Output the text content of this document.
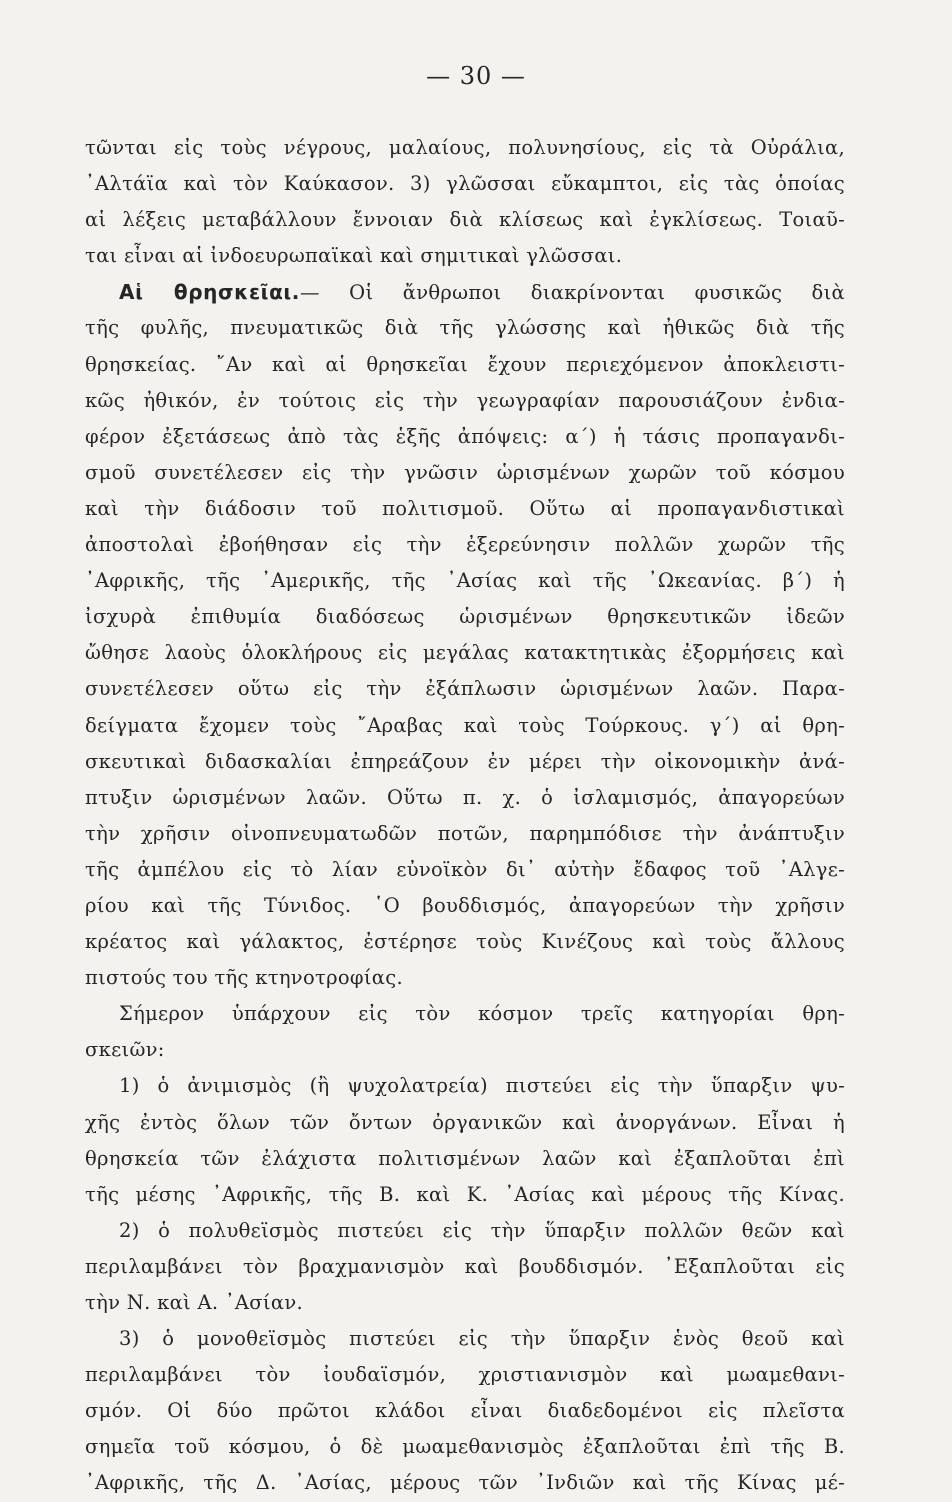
— 30 —
τῶνται εἰς τοὺς νέγρους, μαλαίους, πολυνησίους, εἰς τὰ Οὐράλια,
᾿Αλτάϊα καὶ τὸν Καύκασον. 3) γλῶσσαι εὔκαμπτοι, εἰς τὰς ὁποίας
αἱ λέξεις μεταβάλλουν ἔννοιαν διὰ κλίσεως καὶ ἐγκλίσεως. Τοιαῦ-
ται εἶναι αἱ ἰνδοευρωπαϊκαὶ καὶ σημιτικαὶ γλῶσσαι.
Αἱ θρησκεῖαι.— Οἱ ἄνθρωποι διακρίνονται φυσικῶς διὰ
τῆς φυλῆς, πνευματικῶς διὰ τῆς γλώσσης καὶ ἠθικῶς διὰ τῆς
θρησκείας. ῎Αν καὶ αἱ θρησκεῖαι ἔχουν περιεχόμενον ἀποκλειστι-
κῶς ἠθικόν, ἐν τούτοις εἰς τὴν γεωγραφίαν παρουσιάζουν ἐνδια-
φέρον ἐξετάσεως ἀπὸ τὰς ἑξῆς ἀπόψεις: α΄) ἡ τάσις προπαγανδι-
σμοῦ συνετέλεσεν εἰς τὴν γνῶσιν ὡρισμένων χωρῶν τοῦ κόσμου
καὶ τὴν διάδοσιν τοῦ πολιτισμοῦ. Οὕτω αἱ προπαγανδιστικαὶ
ἀποστολαὶ ἐβοήθησαν εἰς τὴν ἐξερεύνησιν πολλῶν χωρῶν τῆς
᾿Αφρικῆς, τῆς ᾿Αμερικῆς, τῆς ᾿Ασίας καὶ τῆς ᾿Ωκεανίας. β΄) ἡ
ἰσχυρὰ ἐπιθυμία διαδόσεως ὡρισμένων θρησκευτικῶν ἰδεῶν
ὤθησε λαοὺς ὁλοκλήρους εἰς μεγάλας κατακτητικὰς ἐξορμήσεις καὶ
συνετέλεσεν οὕτω εἰς τὴν ἐξάπλωσιν ὡρισμένων λαῶν. Παρα-
δείγματα ἔχομεν τοὺς ῎Αραβας καὶ τοὺς Τούρκους. γ΄) αἱ θρη-
σκευτικαὶ διδασκαλίαι ἐπηρεάζουν ἐν μέρει τὴν οἰκονομικὴν ἀνά-
πτυξιν ὡρισμένων λαῶν. Οὕτω π. χ. ὁ ἰσλαμισμός, ἀπαγορεύων
τὴν χρῆσιν οἰνοπνευματωδῶν ποτῶν, παρημπόδισε τὴν ἀνάπτυξιν
τῆς ἀμπέλου εἰς τὸ λίαν εὐνοϊκὸν δι᾿ αὐτὴν ἔδαφος τοῦ ᾿Αλγε-
ρίου καὶ τῆς Τύνιδος. ῾Ο βουδδισμός, ἀπαγορεύων τὴν χρῆσιν
κρέατος καὶ γάλακτος, ἐστέρησε τοὺς Κινέζους καὶ τοὺς ἄλλους
πιστούς του τῆς κτηνοτροφίας.
Σήμερον ὑπάρχουν εἰς τὸν κόσμον τρεῖς κατηγορίαι θρη-
σκειῶν:
1) ὁ ἀνιμισμὸς (ἢ ψυχολατρεία) πιστεύει εἰς τὴν ὕπαρξιν ψυ-
χῆς ἐντὸς ὅλων τῶν ὄντων ὀργανικῶν καὶ ἀνοργάνων. Εἶναι ἡ
θρησκεία τῶν ἐλάχιστα πολιτισμένων λαῶν καὶ ἐξαπλοῦται ἐπὶ
τῆς μέσης ᾿Αφρικῆς, τῆς Β. καὶ Κ. ᾿Ασίας καὶ μέρους τῆς Κίνας.
2) ὁ πολυθεϊσμὸς πιστεύει εἰς τὴν ὕπαρξιν πολλῶν θεῶν καὶ
περιλαμβάνει τὸν βραχμανισμὸν καὶ βουδδισμόν. ᾿Εξαπλοῦται εἰς
τὴν Ν. καὶ Α. ᾿Ασίαν.
3) ὁ μονοθεϊσμὸς πιστεύει εἰς τὴν ὕπαρξιν ἑνὸς θεοῦ καὶ
περιλαμβάνει τὸν ἰουδαϊσμόν, χριστιανισμὸν καὶ μωαμεθανι-
σμόν. Οἱ δύο πρῶτοι κλάδοι εἶναι διαδεδομένοι εἰς πλεῖστα
σημεῖα τοῦ κόσμου, ὁ δὲ μωαμεθανισμὸς ἐξαπλοῦται ἐπὶ τῆς Β.
᾿Αφρικῆς, τῆς Δ. ᾿Ασίας, μέρους τῶν ᾿Ινδιῶν καὶ τῆς Κίνας μέ-
